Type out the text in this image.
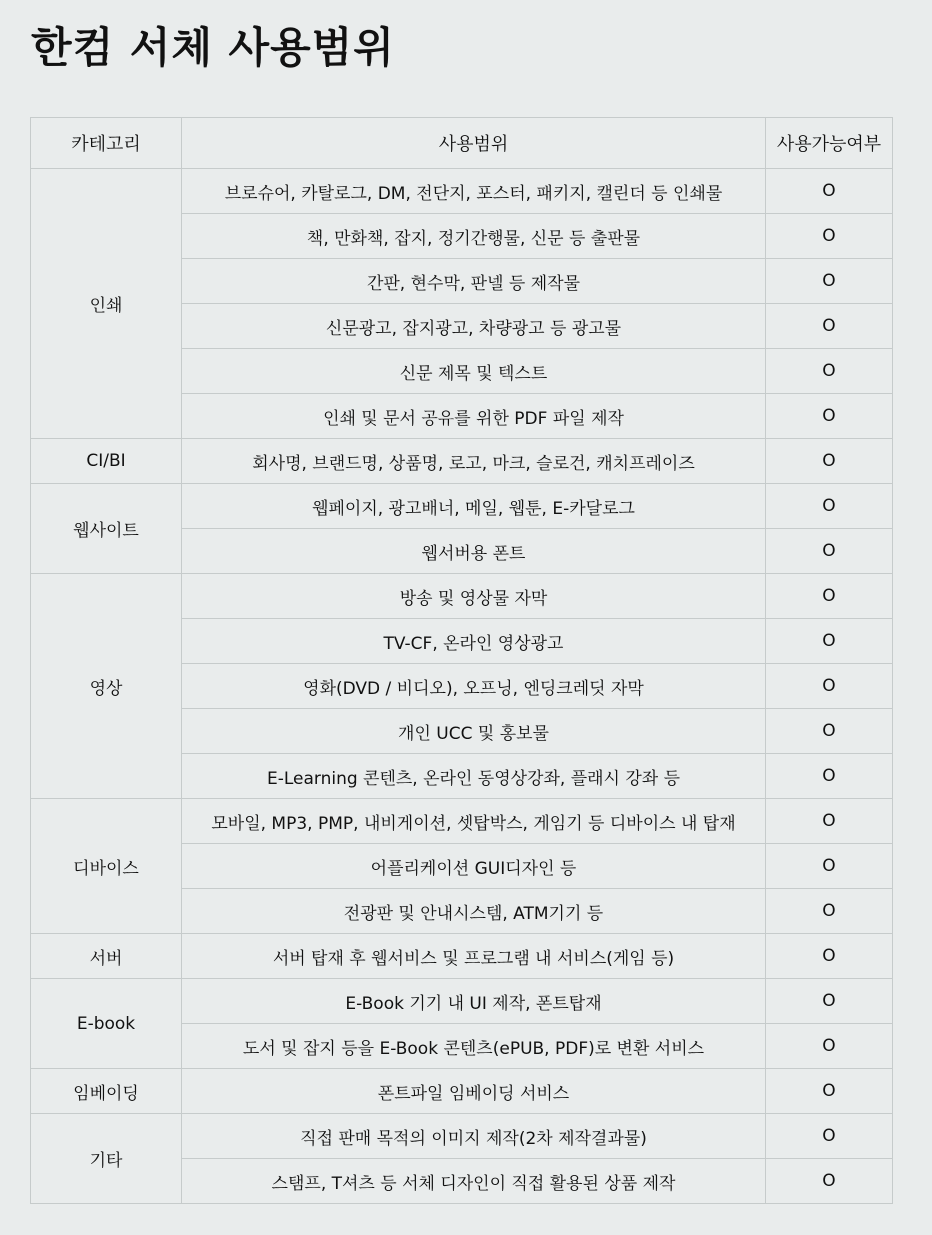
한컴 서체 사용범위
카테고리	사용범위	사용가능여부
인쇄	브로슈어, 카탈로그, DM, 전단지, 포스터, 패키지, 캘린더 등 인쇄물	O
	책, 만화책, 잡지, 정기간행물, 신문 등 출판물	O
	간판, 현수막, 판넬 등 제작물	O
	신문광고, 잡지광고, 차량광고 등 광고물	O
	신문 제목 및 텍스트	O
	인쇄 및 문서 공유를 위한 PDF 파일 제작	O
CI/BI	회사명, 브랜드명, 상품명, 로고, 마크, 슬로건, 캐치프레이즈	O
웹사이트	웹페이지, 광고배너, 메일, 웹툰, E-카달로그	O
	웹서버용 폰트	O
영상	방송 및 영상물 자막	O
	TV-CF, 온라인 영상광고	O
	영화(DVD / 비디오), 오프닝, 엔딩크레딧 자막	O
	개인 UCC 및 홍보물	O
	E-Learning 콘텐츠, 온라인 동영상강좌, 플래시 강좌 등	O
디바이스	모바일, MP3, PMP, 내비게이션, 셋탑박스, 게임기 등 디바이스 내 탑재	O
	어플리케이션 GUI디자인 등	O
	전광판 및 안내시스템, ATM기기 등	O
서버	서버 탑재 후 웹서비스 및 프로그램 내 서비스(게임 등)	O
E-book	E-Book 기기 내 UI 제작, 폰트탑재	O
	도서 및 잡지 등을 E-Book 콘텐츠(ePUB, PDF)로 변환 서비스	O
임베이딩	폰트파일 임베이딩 서비스	O
기타	직접 판매 목적의 이미지 제작(2차 제작결과물)	O
	스탬프, T셔츠 등 서체 디자인이 직접 활용된 상품 제작	O
